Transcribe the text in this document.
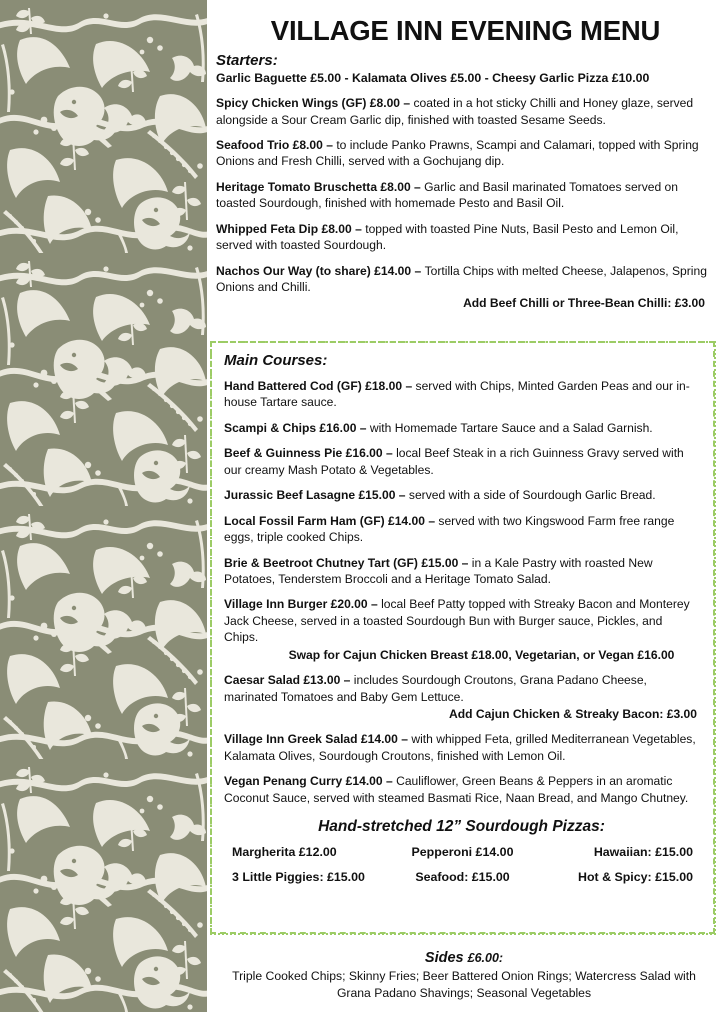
VILLAGE INN EVENING MENU
Starters:
Garlic Baguette £5.00 - Kalamata Olives £5.00 - Cheesy Garlic Pizza £10.00
Spicy Chicken Wings (GF) £8.00 – coated in a hot sticky Chilli and Honey glaze, served alongside a Sour Cream Garlic dip, finished with toasted Sesame Seeds.
Seafood Trio £8.00 – to include Panko Prawns, Scampi and Calamari, topped with Spring Onions and Fresh Chilli, served with a Gochujang dip.
Heritage Tomato Bruschetta £8.00 – Garlic and Basil marinated Tomatoes served on toasted Sourdough, finished with homemade Pesto and Basil Oil.
Whipped Feta Dip £8.00 – topped with toasted Pine Nuts, Basil Pesto and Lemon Oil, served with toasted Sourdough.
Nachos Our Way (to share) £14.00 – Tortilla Chips with melted Cheese, Jalapenos, Spring Onions and Chilli.
Add Beef Chilli or Three-Bean Chilli: £3.00
Main Courses:
Hand Battered Cod (GF) £18.00 – served with Chips, Minted Garden Peas and our in-house Tartare sauce.
Scampi & Chips £16.00 – with Homemade Tartare Sauce and a Salad Garnish.
Beef & Guinness Pie £16.00 – local Beef Steak in a rich Guinness Gravy served with our creamy Mash Potato & Vegetables.
Jurassic Beef Lasagne £15.00 – served with a side of Sourdough Garlic Bread.
Local Fossil Farm Ham (GF) £14.00 – served with two Kingswood Farm free range eggs, triple cooked Chips.
Brie & Beetroot Chutney Tart (GF) £15.00 – in a Kale Pastry with roasted New Potatoes, Tenderstem Broccoli and a Heritage Tomato Salad.
Village Inn Burger £20.00 – local Beef Patty topped with Streaky Bacon and Monterey Jack Cheese, served in a toasted Sourdough Bun with Burger sauce, Pickles, and Chips.
Swap for Cajun Chicken Breast £18.00, Vegetarian, or Vegan £16.00
Caesar Salad £13.00 – includes Sourdough Croutons, Grana Padano Cheese, marinated Tomatoes and Baby Gem Lettuce.
Add Cajun Chicken & Streaky Bacon: £3.00
Village Inn Greek Salad £14.00 – with whipped Feta, grilled Mediterranean Vegetables, Kalamata Olives, Sourdough Croutons, finished with Lemon Oil.
Vegan Penang Curry £14.00 – Cauliflower, Green Beans & Peppers in an aromatic Coconut Sauce, served with steamed Basmati Rice, Naan Bread, and Mango Chutney.
Hand-stretched 12” Sourdough Pizzas:
Margherita £12.00	Pepperoni £14.00	Hawaiian: £15.00
3 Little Piggies: £15.00	Seafood: £15.00	Hot & Spicy: £15.00
Sides £6.00:
Triple Cooked Chips; Skinny Fries; Beer Battered Onion Rings; Watercress Salad with Grana Padano Shavings; Seasonal Vegetables
